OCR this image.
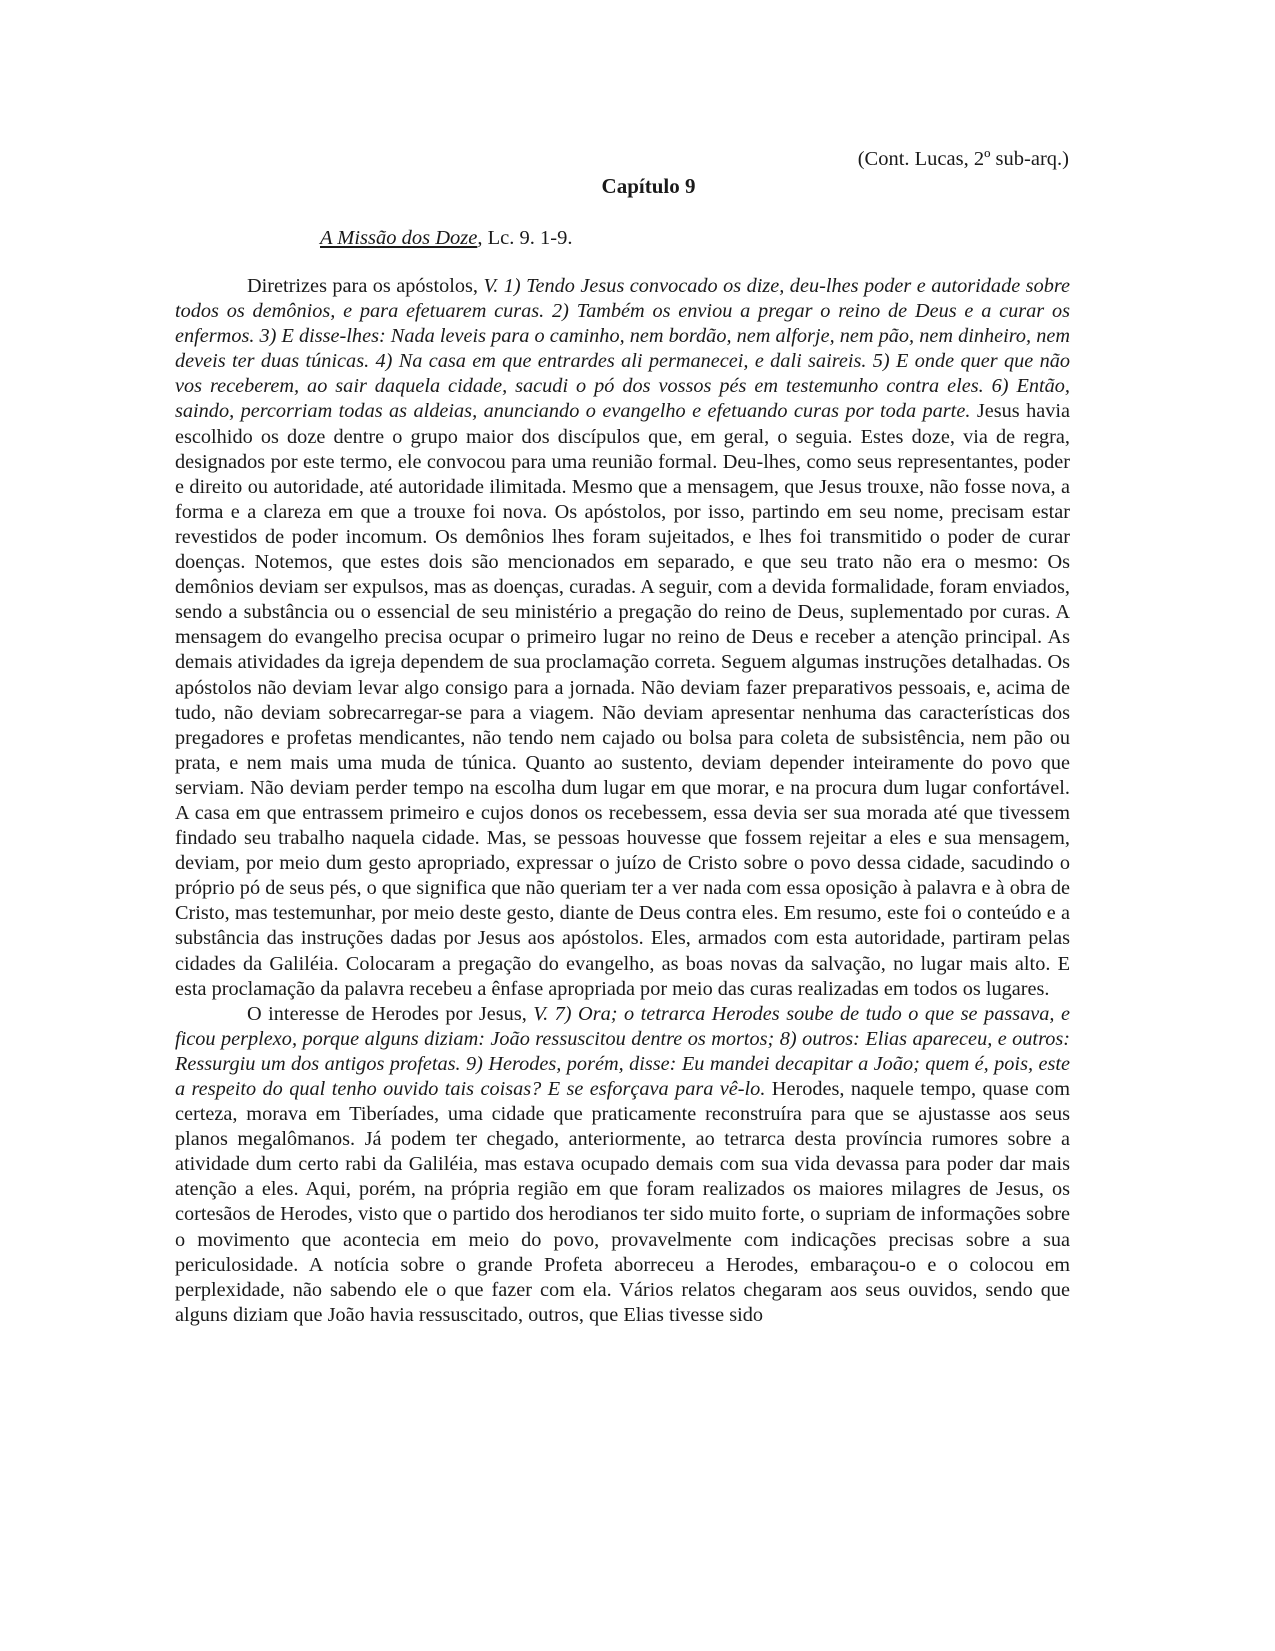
(Cont. Lucas, 2º sub-arq.)
Capítulo 9
A Missão dos Doze, Lc. 9. 1-9.

Diretrizes para os apóstolos, V. 1) Tendo Jesus convocado os dize, deu-lhes poder e autoridade sobre todos os demônios, e para efetuarem curas. 2) Também os enviou a pregar o reino de Deus e a curar os enfermos. 3) E disse-lhes: Nada leveis para o caminho, nem bordão, nem alforje, nem pão, nem dinheiro, nem deveis ter duas túnicas. 4) Na casa em que entrardes ali permanecei, e dali saireis. 5) E onde quer que não vos receberem, ao sair daquela cidade, sacudi o pó dos vossos pés em testemunho contra eles. 6) Então, saindo, percorriam todas as aldeias, anunciando o evangelho e efetuando curas por toda parte. Jesus havia escolhido os doze dentre o grupo maior dos discípulos que, em geral, o seguia. Estes doze, via de regra, designados por este termo, ele convocou para uma reunião formal. Deu-lhes, como seus representantes, poder e direito ou autoridade, até autoridade ilimitada. Mesmo que a mensagem, que Jesus trouxe, não fosse nova, a forma e a clareza em que a trouxe foi nova. Os apóstolos, por isso, partindo em seu nome, precisam estar revestidos de poder incomum. Os demônios lhes foram sujeitados, e lhes foi transmitido o poder de curar doenças. Notemos, que estes dois são mencionados em separado, e que seu trato não era o mesmo: Os demônios deviam ser expulsos, mas as doenças, curadas. A seguir, com a devida formalidade, foram enviados, sendo a substância ou o essencial de seu ministério a pregação do reino de Deus, suplementado por curas. A mensagem do evangelho precisa ocupar o primeiro lugar no reino de Deus e receber a atenção principal. As demais atividades da igreja dependem de sua proclamação correta. Seguem algumas instruções detalhadas. Os apóstolos não deviam levar algo consigo para a jornada. Não deviam fazer preparativos pessoais, e, acima de tudo, não deviam sobrecarregar-se para a viagem. Não deviam apresentar nenhuma das características dos pregadores e profetas mendicantes, não tendo nem cajado ou bolsa para coleta de subsistência, nem pão ou prata, e nem mais uma muda de túnica. Quanto ao sustento, deviam depender inteiramente do povo que serviam. Não deviam perder tempo na escolha dum lugar em que morar, e na procura dum lugar confortável. A casa em que entrassem primeiro e cujos donos os recebessem, essa devia ser sua morada até que tivessem findado seu trabalho naquela cidade. Mas, se pessoas houvesse que fossem rejeitar a eles e sua mensagem, deviam, por meio dum gesto apropriado, expressar o juízo de Cristo sobre o povo dessa cidade, sacudindo o próprio pó de seus pés, o que significa que não queriam ter a ver nada com essa oposição à palavra e à obra de Cristo, mas testemunhar, por meio deste gesto, diante de Deus contra eles. Em resumo, este foi o conteúdo e a substância das instruções dadas por Jesus aos apóstolos. Eles, armados com esta autoridade, partiram pelas cidades da Galiléia. Colocaram a pregação do evangelho, as boas novas da salvação, no lugar mais alto. E esta proclamação da palavra recebeu a ênfase apropriada por meio das curas realizadas em todos os lugares.

O interesse de Herodes por Jesus, V. 7) Ora; o tetrarca Herodes soube de tudo o que se passava, e ficou perplexo, porque alguns diziam: João ressuscitou dentre os mortos; 8) outros: Elias apareceu, e outros: Ressurgiu um dos antigos profetas. 9) Herodes, porém, disse: Eu mandei decapitar a João; quem é, pois, este a respeito do qual tenho ouvido tais coisas? E se esforçava para vê-lo. Herodes, naquele tempo, quase com certeza, morava em Tiberíades, uma cidade que praticamente reconstruíra para que se ajustasse aos seus planos megalômanos. Já podem ter chegado, anteriormente, ao tetrarca desta província rumores sobre a atividade dum certo rabi da Galiléia, mas estava ocupado demais com sua vida devassa para poder dar mais atenção a eles. Aqui, porém, na própria região em que foram realizados os maiores milagres de Jesus, os cortesãos de Herodes, visto que o partido dos herodianos ter sido muito forte, o supriam de informações sobre o movimento que acontecia em meio do povo, provavelmente com indicações precisas sobre a sua periculosidade. A notícia sobre o grande Profeta aborreceu a Herodes, embaraçou-o e o colocou em perplexidade, não sabendo ele o que fazer com ela. Vários relatos chegaram aos seus ouvidos, sendo que alguns diziam que João havia ressuscitado, outros, que Elias tivesse sido
